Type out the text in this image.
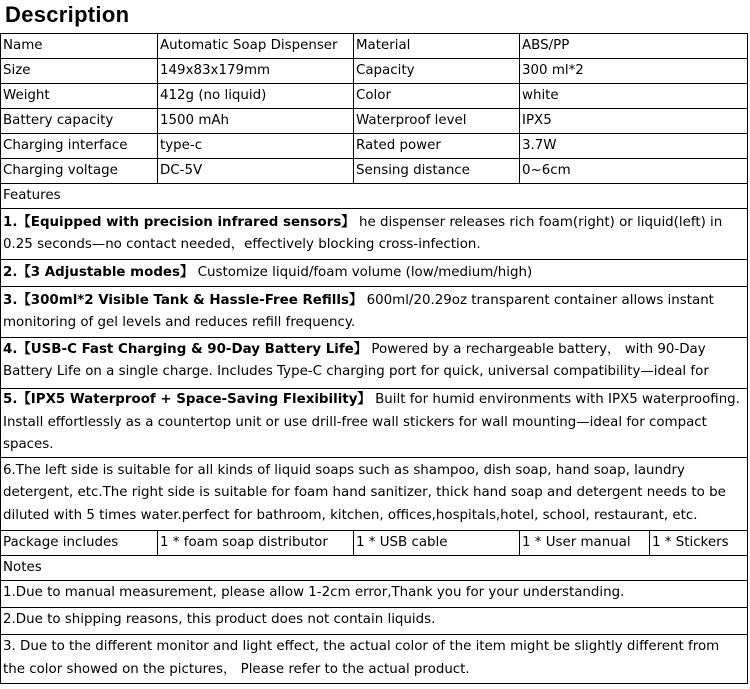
Description
Name	Automatic Soap Dispenser	Material	ABS/PP	
Size	149x83x179mm	Capacity	300 ml*2	
Weight	412g (no liquid)	Color	white	
Battery capacity	1500 mAh	Waterproof level	IPX5	
Charging interface	type-c	Rated power	3.7W	
Charging voltage	DC-5V	Sensing distance	0~6cm	
Features				
1.【Equipped with precision infrared sensors】 he dispenser releases rich foam(right) or liquid(left) in 0.25 seconds—no contact needed，effectively blocking cross-infection.				
2.【3 Adjustable modes】 Customize liquid/foam volume (low/medium/high)				
3.【300ml*2 Visible Tank & Hassle-Free Refills】 600ml/20.29oz transparent container allows instant monitoring of gel levels and reduces refill frequency.				

4.【USB-C Fast Charging & 90-Day Battery Life】 Powered by a rechargeable battery， with 90-Day Battery Life on a single charge. Includes Type-C charging port for quick, universal compatibility—ideal for				

5.【IPX5 Waterproof + Space-Saving Flexibility】 Built for humid environments with IPX5 waterproofing. Install effortlessly as a countertop unit or use drill-free wall stickers for wall mounting—ideal for compact spaces.				
6.The left side is suitable for all kinds of liquid soaps such as shampoo, dish soap, hand soap, laundry detergent, etc.The right side is suitable for foam hand sanitizer, thick hand soap and detergent needs to be diluted with 5 times water.perfect for bathroom, kitchen, offices,hospitals,hotel, school, restaurant, etc.				
Package includes	1 * foam soap distributor	1 * USB cable	1 * User manual	1 * Stickers
Notes				
1.Due to manual measurement, please allow 1-2cm error,Thank you for your understanding.				
2.Due to shipping reasons, this product does not contain liquids.				
3. Due to the different monitor and light effect, the actual color of the item might be slightly different from the color showed on the pictures， Please refer to the actual product.				
